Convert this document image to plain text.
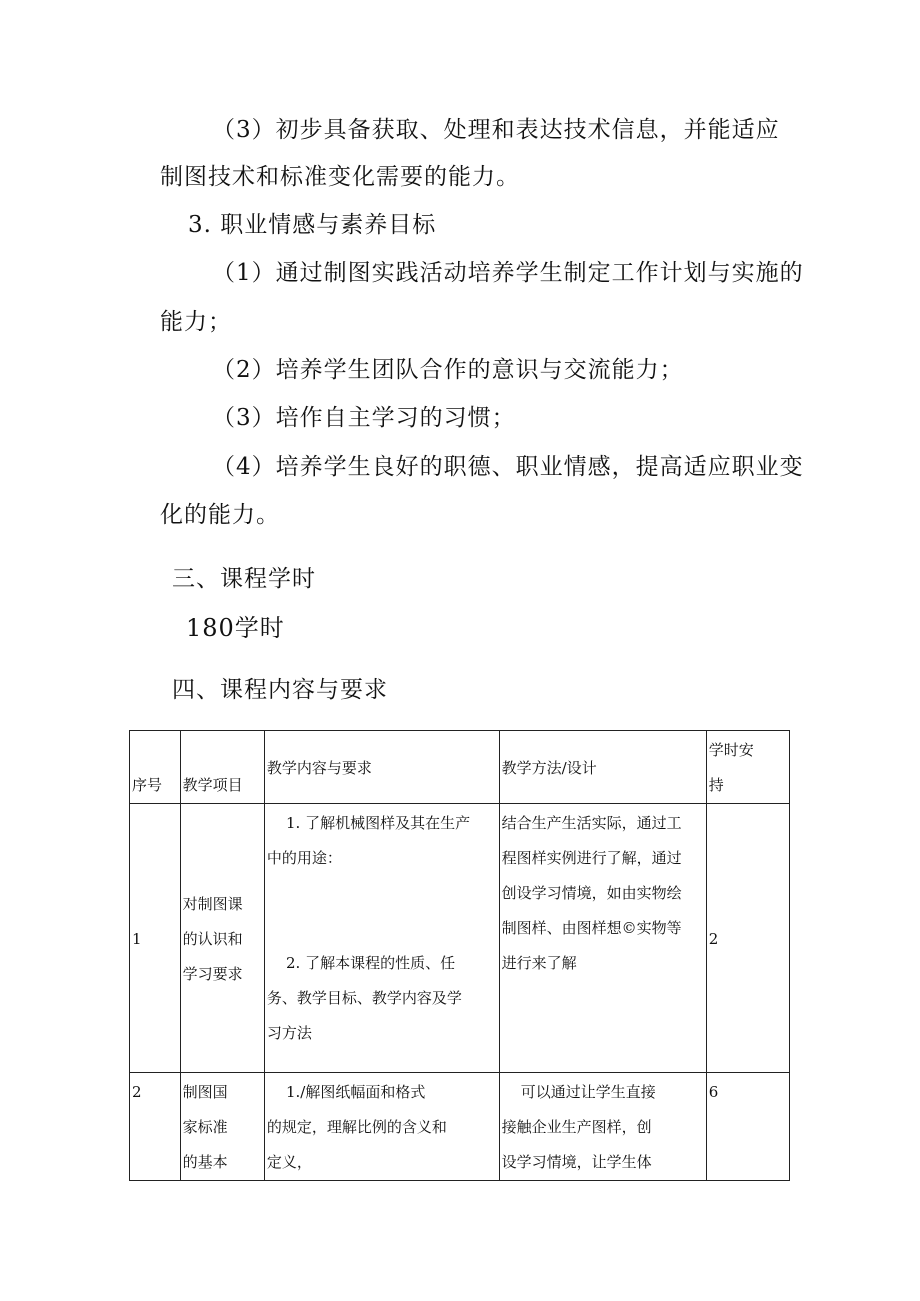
（3）初步具备获取、处理和表达技术信息，并能适应
制图技术和标准变化需要的能力。
3. 职业情感与素养目标
（1）通过制图实践活动培养学生制定工作计划与实施的
能力；
（2）培养学生团队合作的意识与交流能力；
（3）培作自主学习的习惯；
（4）培养学生良好的职德、职业情感，提高适应职业变
化的能力。
三、课程学时
180学时
四、课程内容与要求
序号	教学项目	教学内容与要求	教学方法/设计	学时安
持

1	对制图课
的认识和
学习要求	1. 了解机械图样及其在生产
中的用途：

2. 了解本课程的性质、任
务、教学目标、教学内容及学
习方法	结合生产生活实际，通过工
程图样实例进行了解，通过
创设学习情境，如由实物绘
制图样、由图样想©实物等
进行来了解	2

2	制图国
家标准
的基本	1./解图纸幅面和格式
的规定，理解比例的含义和
定义，	可以通过让学生直接
接触企业生产图样，创
设学习情境，让学生体	6
